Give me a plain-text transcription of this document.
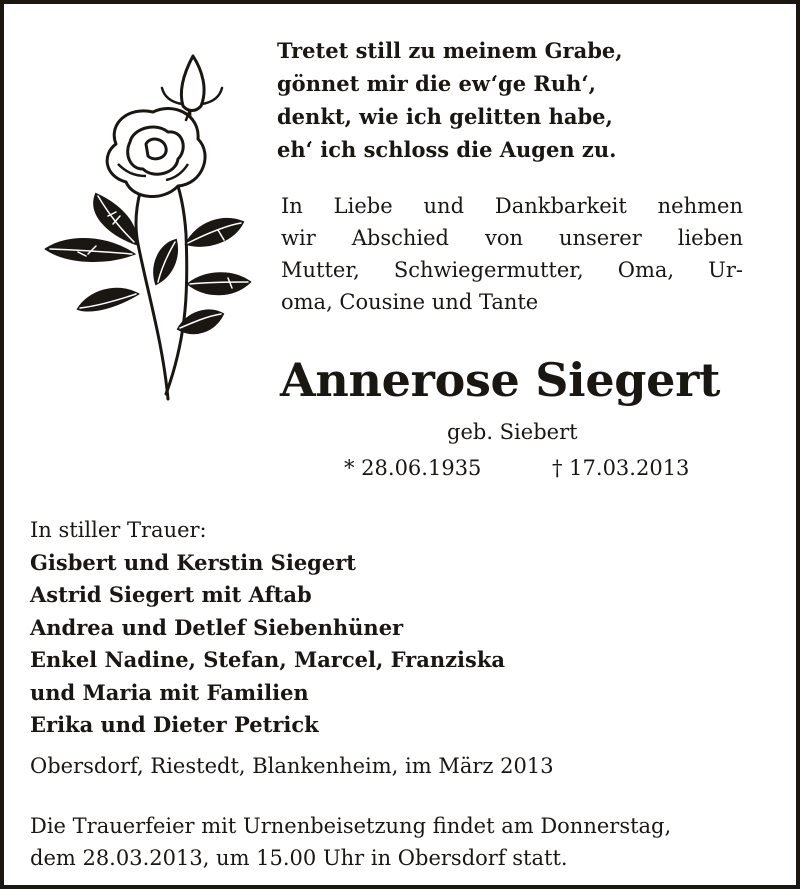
Tretet still zu meinem Grabe,
gönnet mir die ew‘ge Ruh‘,
denkt, wie ich gelitten habe,
eh‘ ich schloss die Augen zu.
In Liebe und Dankbarkeit nehmen
wir Abschied von unserer lieben
Mutter, Schwiegermutter, Oma, Ur-
oma, Cousine und Tante
Annerose Siegert
geb. Siebert
* 28.06.1935	† 17.03.2013
In stiller Trauer:
Gisbert und Kerstin Siegert
Astrid Siegert mit Aftab
Andrea und Detlef Siebenhüner
Enkel Nadine, Stefan, Marcel, Franziska
und Maria mit Familien
Erika und Dieter Petrick
Obersdorf, Riestedt, Blankenheim, im März 2013
Die Trauerfeier mit Urnenbeisetzung findet am Donnerstag,
dem 28.03.2013, um 15.00 Uhr in Obersdorf statt.
